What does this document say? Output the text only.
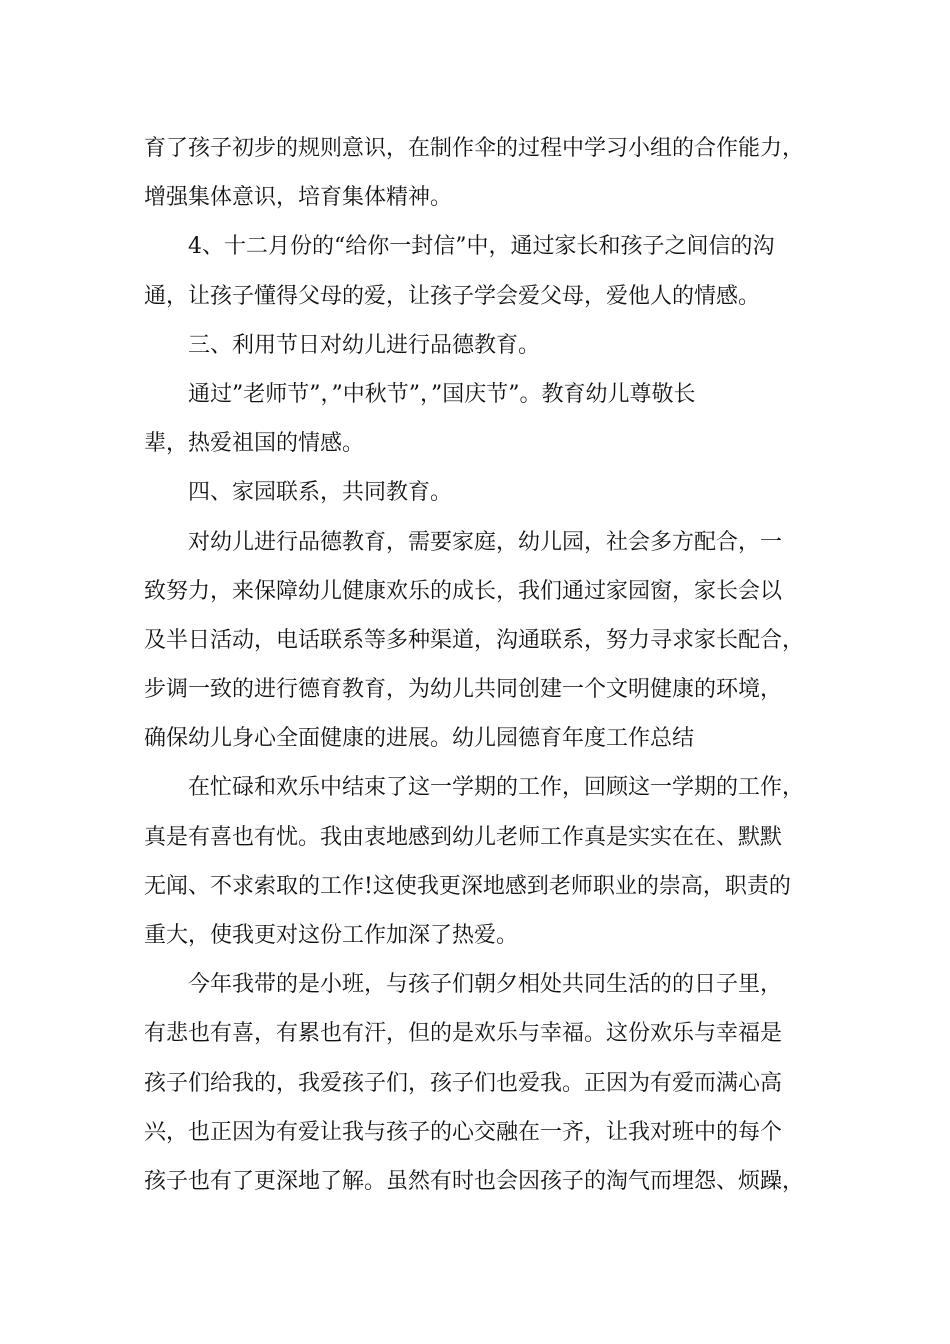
育了孩子初步的规则意识，在制作伞的过程中学习小组的合作能力，
增强集体意识，培育集体精神。
4、十二月份的“给你一封信”中，通过家长和孩子之间信的沟
通，让孩子懂得父母的爱，让孩子学会爱父母，爱他人的情感。
三、利用节日对幼儿进行品德教育。
通过”老师节”，”中秋节”，”国庆节”。教育幼儿尊敬长
辈，热爱祖国的情感。
四、家园联系，共同教育。
对幼儿进行品德教育，需要家庭，幼儿园，社会多方配合，一
致努力，来保障幼儿健康欢乐的成长，我们通过家园窗，家长会以
及半日活动，电话联系等多种渠道，沟通联系，努力寻求家长配合，
步调一致的进行德育教育，为幼儿共同创建一个文明健康的环境，
确保幼儿身心全面健康的进展。幼儿园德育年度工作总结
在忙碌和欢乐中结束了这一学期的工作，回顾这一学期的工作，
真是有喜也有忧。我由衷地感到幼儿老师工作真是实实在在、默默
无闻、不求索取的工作!这使我更深地感到老师职业的崇高，职责的
重大，使我更对这份工作加深了热爱。
今年我带的是小班，与孩子们朝夕相处共同生活的的日子里，
有悲也有喜，有累也有汗，但的是欢乐与幸福。这份欢乐与幸福是
孩子们给我的，我爱孩子们，孩子们也爱我。正因为有爱而满心高
兴，也正因为有爱让我与孩子的心交融在一齐，让我对班中的每个
孩子也有了更深地了解。虽然有时也会因孩子的淘气而埋怨、烦躁，
